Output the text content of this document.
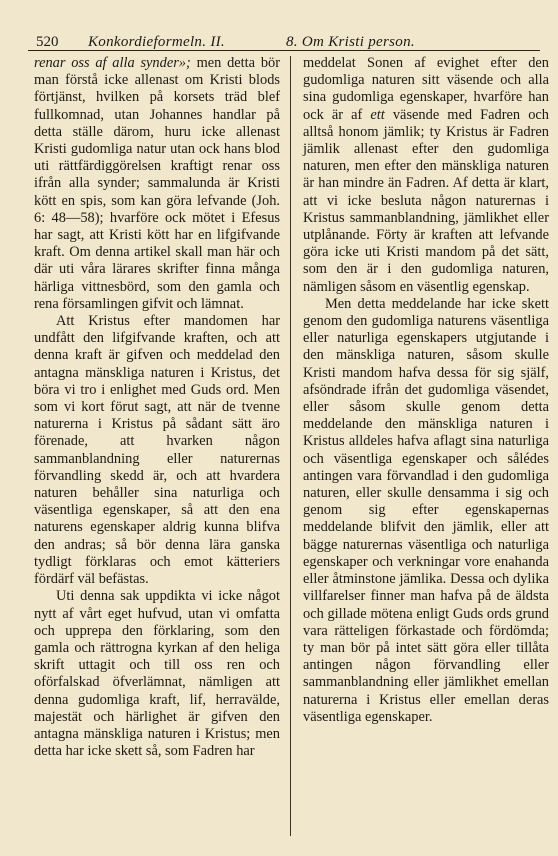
520 Konkordieformeln. II.	8. Om Kristi person.

renar oss af alla synder»; men detta bör man förstå icke allenast om Kristi blods förtjänst, hvilken på korsets träd blef fullkomnad, utan Johannes handlar på detta ställe därom, huru icke allenast Kristi gudomliga natur utan ock hans blod uti rättfärdiggörelsen kraftigt renar oss ifrån alla synder; sammalunda är Kristi kött en spis, som kan göra lefvande (Joh. 6: 48—58); hvarföre ock mötet i Efesus har sagt, att Kristi kött har en lifgifvande kraft. Om denna artikel skall man här och där uti våra lärares skrifter finna många härliga vittnesbörd, som den gamla och rena församlingen gifvit och lämnat.

Att Kristus efter mandomen har undfått den lifgifvande kraften, och att denna kraft är gifven och meddelad den antagna mänskliga naturen i Kristus, det böra vi tro i enlighet med Guds ord. Men som vi kort förut sagt, att när de tvenne naturerna i Kristus på sådant sätt äro förenade, att hvarken någon sammanblandning eller naturernas förvandling skedd är, och att hvardera naturen behåller sina naturliga och väsentliga egenskaper, så att den ena naturens egenskaper aldrig kunna blifva den andras; så bör denna lära ganska tydligt förklaras och emot kätteriers fördärf väl befästas.

Uti denna sak uppdikta vi icke något nytt af vårt eget hufvud, utan vi omfatta och upprepa den förklaring, som den gamla och rättrogna kyrkan af den heliga skrift uttagit och till oss ren och oförfalskad öfverlämnat, nämligen att denna gudomliga kraft, lif, herravälde, majestät och härlighet är gifven den antagna mänskliga naturen i Kristus; men detta har icke skett så, som Fadren har

meddelat Sonen af evighet efter den gudomliga naturen sitt väsende och alla sina gudomliga egenskaper, hvarföre han ock är af ett väsende med Fadren och alltså honom jämlik; ty Kristus är Fadren jämlik allenast efter den gudomliga naturen, men efter den mänskliga naturen är han mindre än Fadren. Af detta är klart, att vi icke besluta någon naturernas i Kristus sammanblandning, jämlikhet eller utplånande. Förty är kraften att lefvande göra icke uti Kristi mandom på det sätt, som den är i den gudomliga naturen, nämligen såsom en väsentlig egenskap.

Men detta meddelande har icke skett genom den gudomliga naturens väsentliga eller naturliga egenskapers utgjutande i den mänskliga naturen, såsom skulle Kristi mandom hafva dessa för sig själf, afsöndrade ifrån det gudomliga väsendet, eller såsom skulle genom detta meddelande den mänskliga naturen i Kristus alldeles hafva aflagt sina naturliga och väsentliga egenskaper och sålédes antingen vara förvandlad i den gudomliga naturen, eller skulle densamma i sig och genom sig efter egenskapernas meddelande blifvit den jämlik, eller att bägge naturernas väsentliga och naturliga egenskaper och verkningar vore enahanda eller åtminstone jämlika. Dessa och dylika villfarelser finner man hafva på de äldsta och gillade mötena enligt Guds ords grund vara rätteligen förkastade och fördömda; ty man bör på intet sätt göra eller tillåta antingen någon förvandling eller sammanblandning eller jämlikhet emellan naturerna i Kristus eller emellan deras väsentliga egenskaper.
